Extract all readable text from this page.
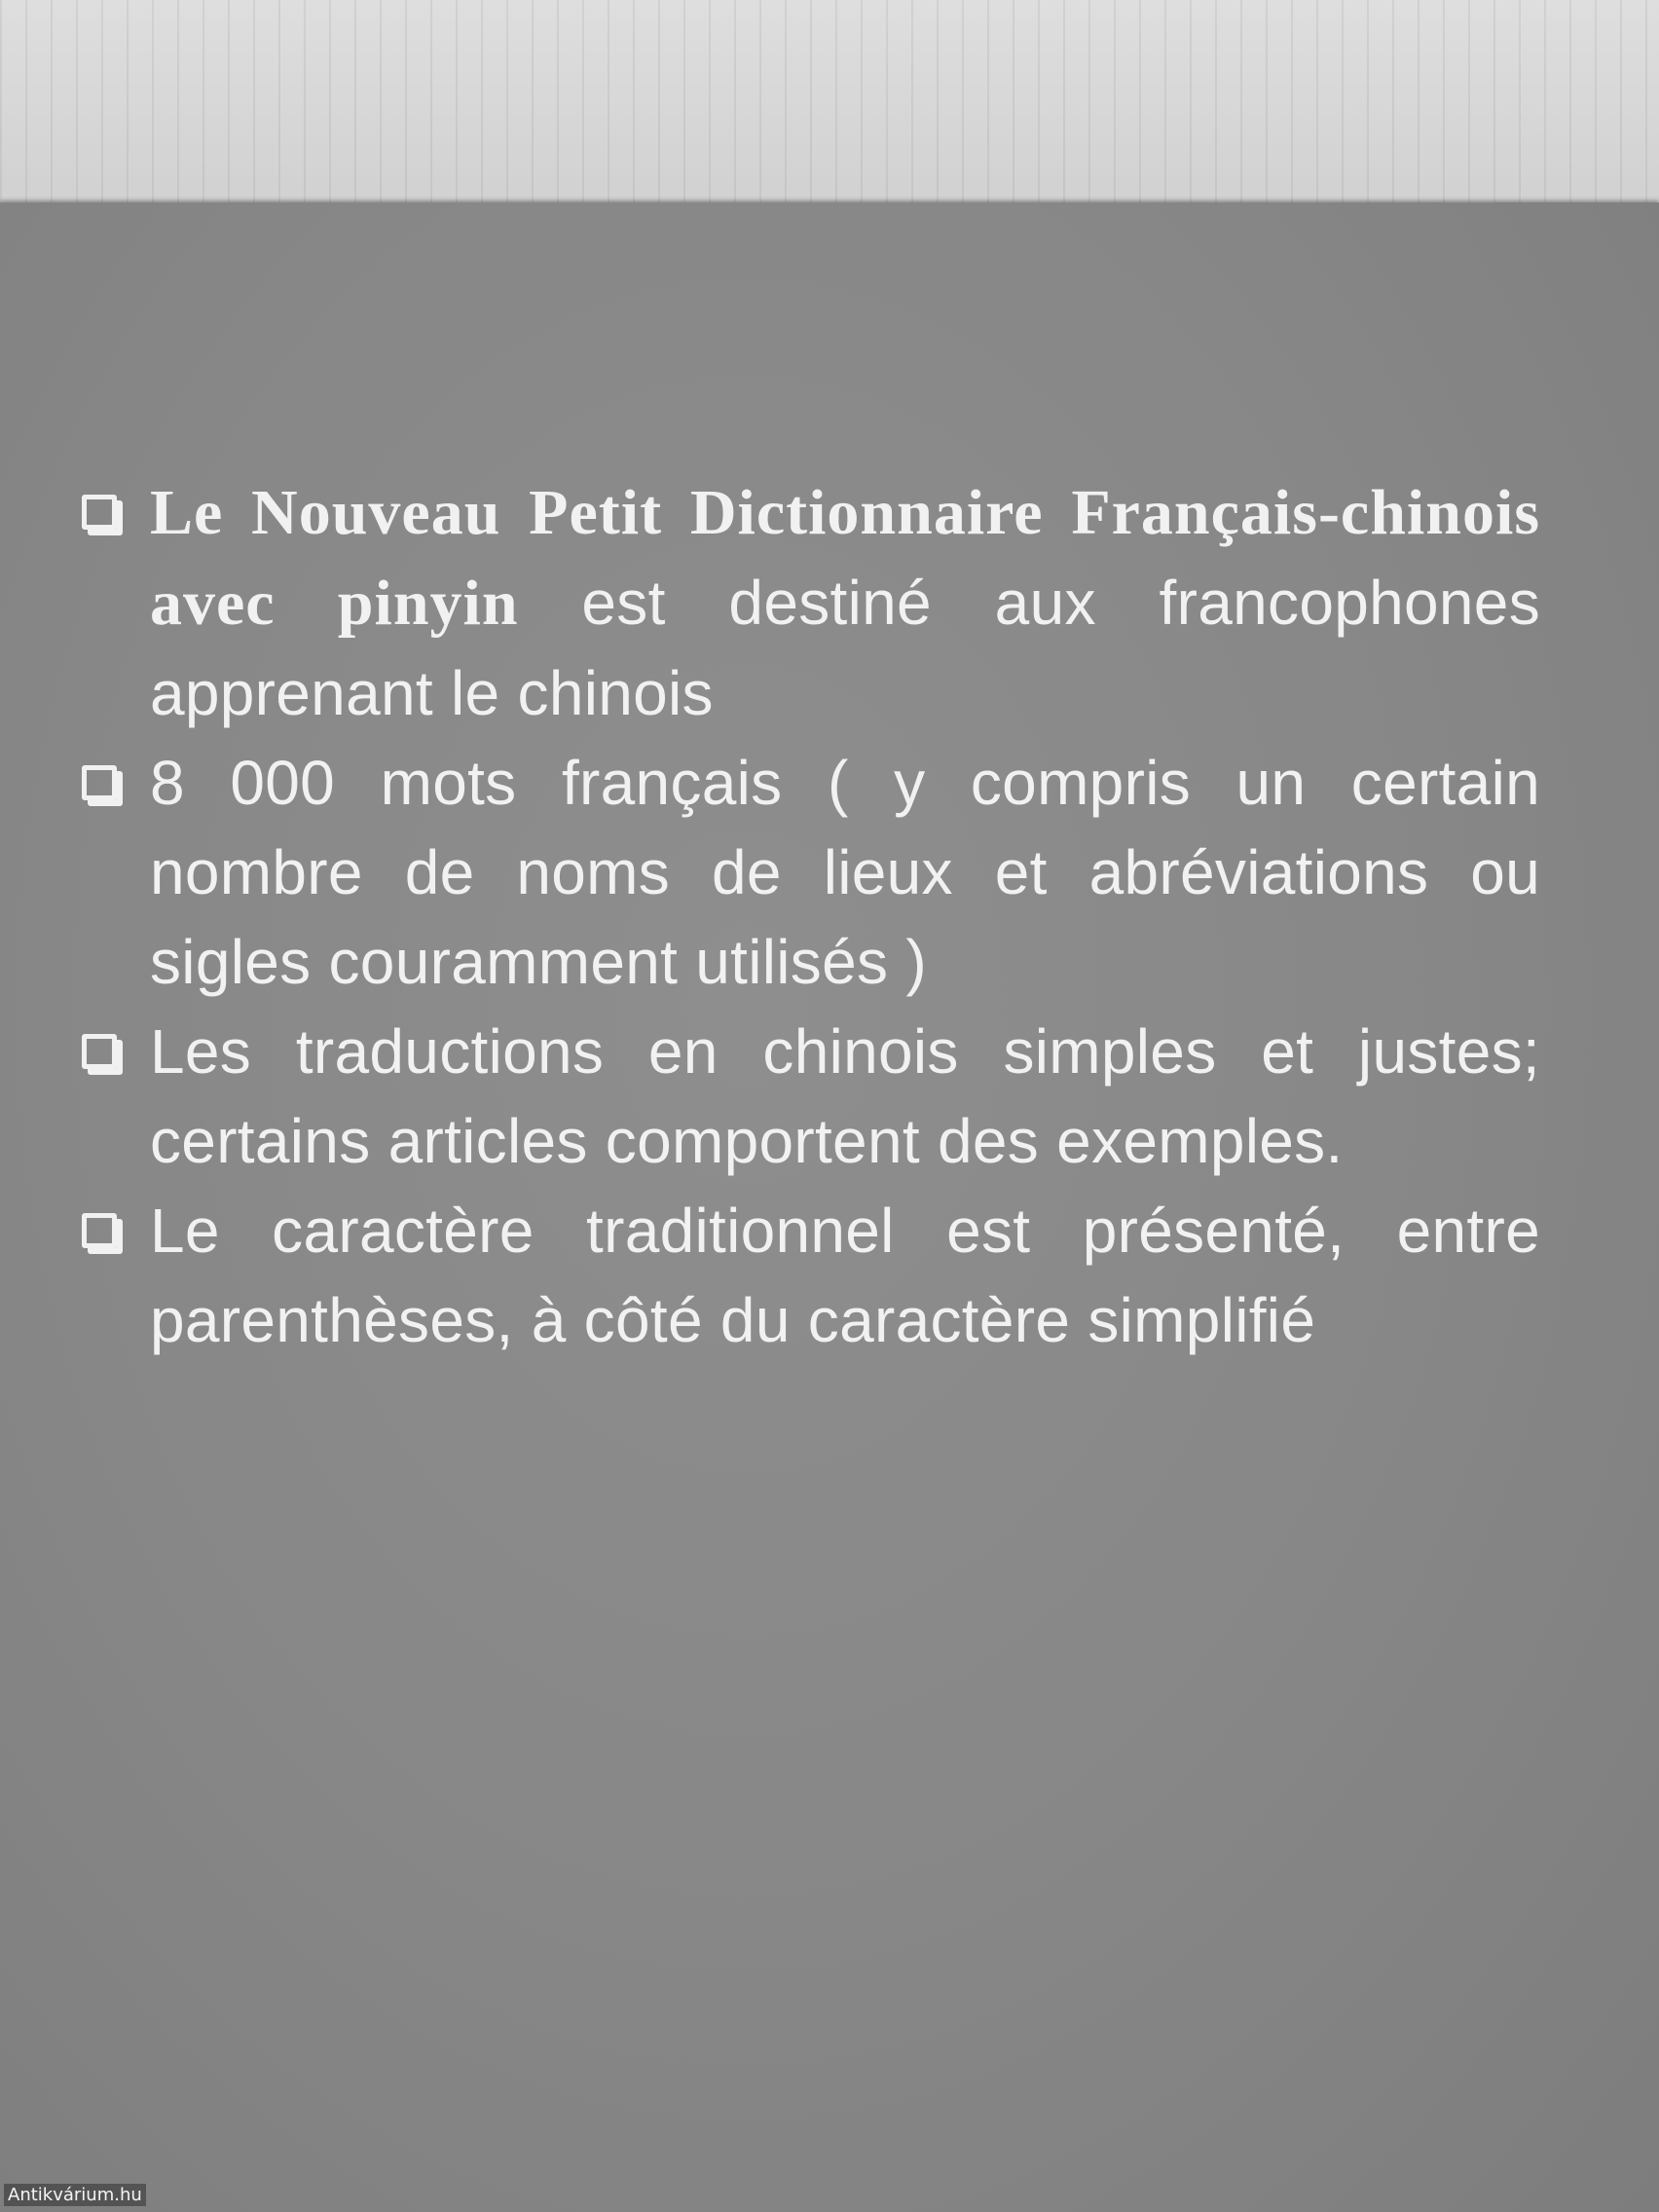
Le Nouveau Petit Dictionnaire Français-chinois avec pinyin est destiné aux francophones apprenant le chinois
8 000 mots français ( y compris un certain nombre de noms de lieux et abréviations ou sigles couramment utilisés )
Les traductions en chinois simples et justes; certains articles comportent des exemples.
Le caractère traditionnel est présenté, entre parenthèses, à côté du caractère simplifié
Antikvárium.hu
